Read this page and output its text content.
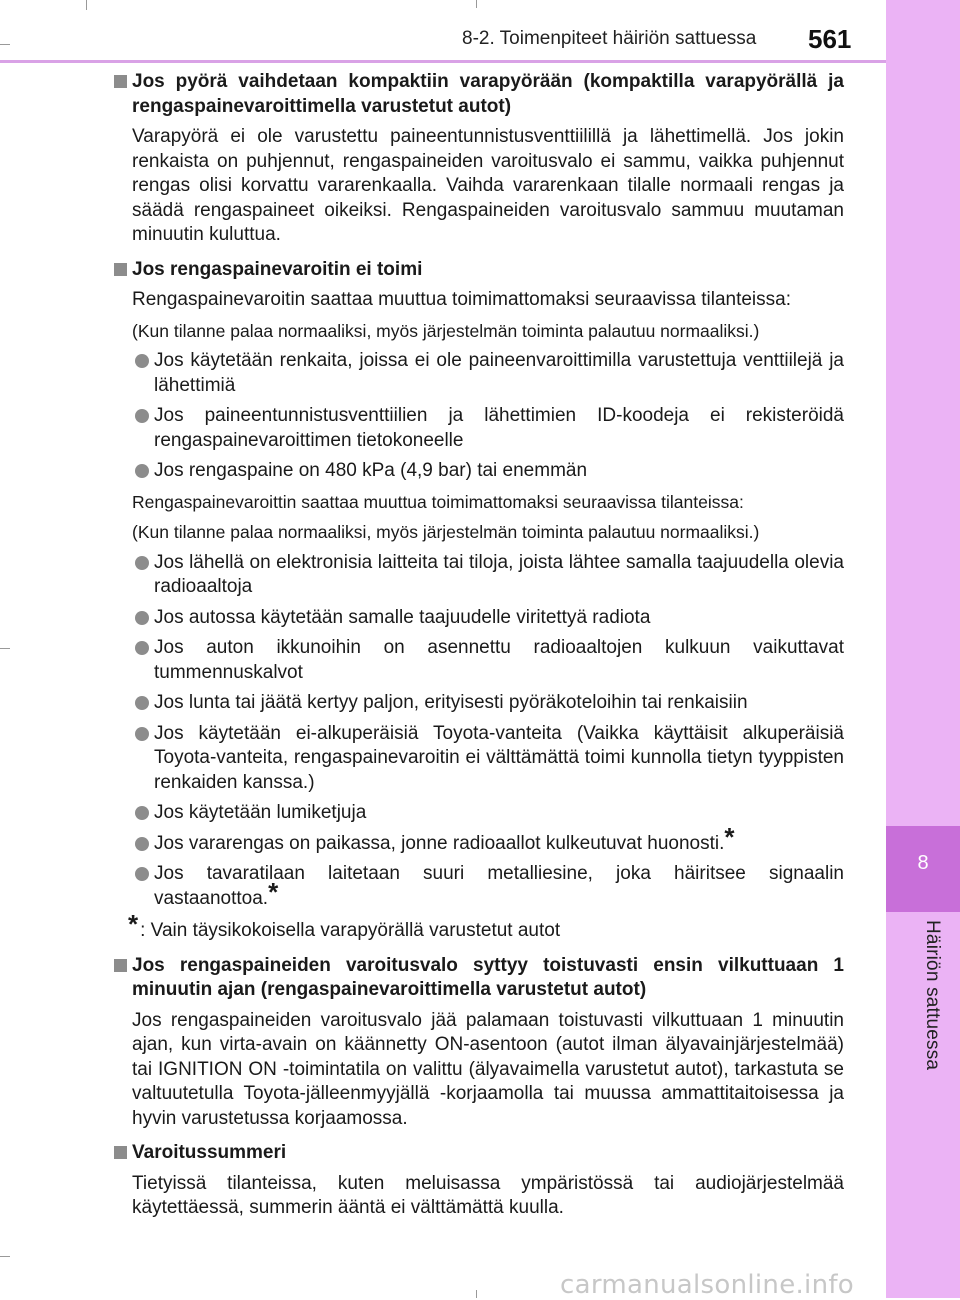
8-2. Toimenpiteet häiriön sattuessa 561
8
Häiriön sattuessa
Jos pyörä vaihdetaan kompaktiin varapyörään (kompaktilla varapyörällä ja rengaspainevaroittimella varustetut autot)
Varapyörä ei ole varustettu paineentunnistusventtiilillä ja lähettimellä. Jos jokin renkaista on puhjennut, rengaspaineiden varoitusvalo ei sammu, vaikka puhjennut rengas olisi korvattu vararenkaalla. Vaihda vararenkaan tilalle normaali rengas ja säädä rengaspaineet oikeiksi. Rengaspaineiden varoitusvalo sammuu muutaman minuutin kuluttua.
Jos rengaspainevaroitin ei toimi
Rengaspainevaroitin saattaa muuttua toimimattomaksi seuraavissa tilanteissa:
(Kun tilanne palaa normaaliksi, myös järjestelmän toiminta palautuu normaaliksi.)
Jos käytetään renkaita, joissa ei ole paineenvaroittimilla varustettuja venttiilejä ja lähettimiä
Jos paineentunnistusventtiilien ja lähettimien ID-koodeja ei rekisteröidä rengaspainevaroittimen tietokoneelle
Jos rengaspaine on 480 kPa (4,9 bar) tai enemmän
Rengaspainevaroittin saattaa muuttua toimimattomaksi seuraavissa tilanteissa:
(Kun tilanne palaa normaaliksi, myös järjestelmän toiminta palautuu normaaliksi.)
Jos lähellä on elektronisia laitteita tai tiloja, joista lähtee samalla taajuudella olevia radioaaltoja
Jos autossa käytetään samalle taajuudelle viritettyä radiota
Jos auton ikkunoihin on asennettu radioaaltojen kulkuun vaikuttavat tummennuskalvot
Jos lunta tai jäätä kertyy paljon, erityisesti pyöräkoteloihin tai renkaisiin
Jos käytetään ei-alkuperäisiä Toyota-vanteita (Vaikka käyttäisit alkuperäisiä Toyota-vanteita, rengaspainevaroitin ei välttämättä toimi kunnolla tietyn tyyppisten renkaiden kanssa.)
Jos käytetään lumiketjuja
Jos vararengas on paikassa, jonne radioaallot kulkeutuvat huonosti.*
Jos tavaratilaan laitetaan suuri metalliesine, joka häiritsee signaalin vastaanottoa.*
* : Vain täysikokoisella varapyörällä varustetut autot
Jos rengaspaineiden varoitusvalo syttyy toistuvasti ensin vilkuttuaan 1 minuutin ajan (rengaspainevaroittimella varustetut autot)
Jos rengaspaineiden varoitusvalo jää palamaan toistuvasti vilkuttuaan 1 minuutin ajan, kun virta-avain on käännetty ON-asentoon (autot ilman älyavainjärjestelmää) tai IGNITION ON -toimintatila on valittu (älyavaimella varustetut autot), tarkastuta se valtuutetulla Toyota-jälleenmyyjällä -korjaamolla tai muussa ammattitaitoisessa ja hyvin varustetussa korjaamossa.
Varoitussummeri
Tietyissä tilanteissa, kuten meluisassa ympäristössä tai audiojärjestelmää käytettäessä, summerin ääntä ei välttämättä kuulla.
carmanualsonline.info
